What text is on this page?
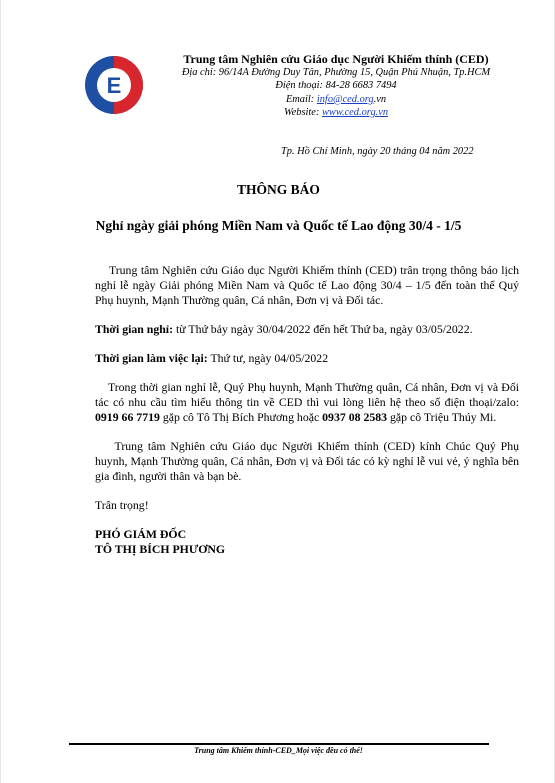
E
Trung tâm Nghiên cứu Giáo dục Người Khiếm thính (CED)
Địa chỉ: 96/14A Đường Duy Tân, Phường 15, Quận Phú Nhuận, Tp.HCM
Điện thoại: 84-28 6683 7494
Email: info@ced.org.vn
Website: www.ced.org.vn
Tp. Hồ Chí Minh, ngày 20 tháng 04 năm 2022
THÔNG BÁO
Nghỉ ngày giải phóng Miền Nam và Quốc tế Lao động 30/4 - 1/5

Trung tâm Nghiên cứu Giáo dục Người Khiếm thính (CED) trân trọng thông báo lịch nghỉ lễ ngày Giải phóng Miền Nam và Quốc tế Lao động 30/4 – 1/5 đến toàn thể Quý Phụ huynh, Mạnh Thường quân, Cá nhân, Đơn vị và Đối tác.

Thời gian nghỉ: từ Thứ bảy ngày 30/04/2022 đến hết Thứ ba, ngày 03/05/2022.

Thời gian làm việc lại: Thứ tư, ngày 04/05/2022

Trong thời gian nghỉ lễ, Quý Phụ huynh, Mạnh Thường quân, Cá nhân, Đơn vị và Đối tác có nhu cầu tìm hiểu thông tin về CED thì vui lòng liên hệ theo số điện thoại/zalo: 0919 66 7719 gặp cô Tô Thị Bích Phương hoặc 0937 08 2583 gặp cô Triệu Thúy Mi.

Trung tâm Nghiên cứu Giáo dục Người Khiếm thính (CED) kính Chúc Quý Phụ huynh, Mạnh Thường quân, Cá nhân, Đơn vị và Đối tác có kỳ nghỉ lễ vui vẻ, ý nghĩa bên gia đình, người thân và bạn bè.

Trân trọng!

PHÓ GIÁM ĐỐC

TÔ THỊ BÍCH PHƯƠNG

Trung tâm Khiếm thính-CED_Mọi việc đều có thể!
